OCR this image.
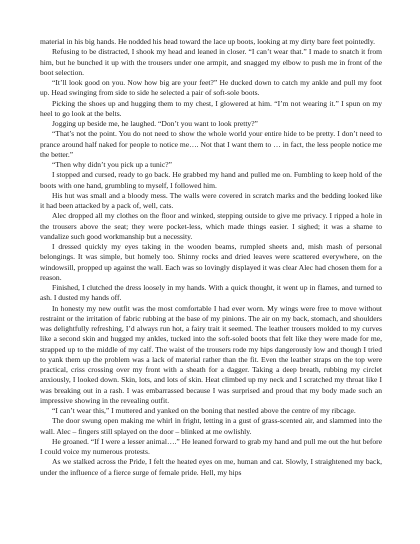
material in his big hands. He nodded his head toward the lace up boots, looking at my dirty bare feet pointedly.

Refusing to be distracted, I shook my head and leaned in closer. “I can’t wear that.” I made to snatch it from him, but he bunched it up with the trousers under one armpit, and snagged my elbow to push me in front of the boot selection.

“It’ll look good on you. Now how big are your feet?” He ducked down to catch my ankle and pull my foot up. Head swinging from side to side he selected a pair of soft-sole boots.

Picking the shoes up and hugging them to my chest, I glowered at him. “I’m not wearing it.” I spun on my heel to go look at the belts.

Jogging up beside me, he laughed. “Don’t you want to look pretty?”

“That’s not the point. You do not need to show the whole world your entire hide to be pretty. I don’t need to prance around half naked for people to notice me…. Not that I want them to … in fact, the less people notice me the better.”

“Then why didn’t you pick up a tunic?”

I stopped and cursed, ready to go back. He grabbed my hand and pulled me on. Fumbling to keep hold of the boots with one hand, grumbling to myself, I followed him.

His hut was small and a bloody mess. The walls were covered in scratch marks and the bedding looked like it had been attacked by a pack of, well, cats.

Alec dropped all my clothes on the floor and winked, stepping outside to give me privacy. I ripped a hole in the trousers above the seat; they were pocket-less, which made things easier. I sighed; it was a shame to vandalize such good workmanship but a necessity.

I dressed quickly my eyes taking in the wooden beams, rumpled sheets and, mish mash of personal belongings. It was simple, but homely too. Shinny rocks and dried leaves were scattered everywhere, on the windowsill, propped up against the wall. Each was so lovingly displayed it was clear Alec had chosen them for a reason.

Finished, I clutched the dress loosely in my hands. With a quick thought, it went up in flames, and turned to ash. I dusted my hands off.

In honesty my new outfit was the most comfortable I had ever worn. My wings were free to move without restraint or the irritation of fabric rubbing at the base of my pinions. The air on my back, stomach, and shoulders was delightfully refreshing, I’d always run hot, a fairy trait it seemed. The leather trousers molded to my curves like a second skin and hugged my ankles, tucked into the soft-soled boots that felt like they were made for me, strapped up to the middle of my calf. The waist of the trousers rode my hips dangerously low and though I tried to yank them up the problem was a lack of material rather than the fit. Even the leather straps on the top were practical, criss crossing over my front with a sheath for a dagger. Taking a deep breath, rubbing my circlet anxiously, I looked down. Skin, lots, and lots of skin. Heat climbed up my neck and I scratched my throat like I was breaking out in a rash. I was embarrassed because I was surprised and proud that my body made such an impressive showing in the revealing outfit.

“I can’t wear this,” I muttered and yanked on the boning that nestled above the centre of my ribcage.

The door swung open making me whirl in fright, letting in a gust of grass-scented air, and slammed into the wall. Alec – fingers still splayed on the door – blinked at me owlishly.

He groaned. “If I were a lesser animal….” He leaned forward to grab my hand and pull me out the hut before I could voice my numerous protests.

As we stalked across the Pride, I felt the heated eyes on me, human and cat. Slowly, I straightened my back, under the influence of a fierce surge of female pride. Hell, my hips
